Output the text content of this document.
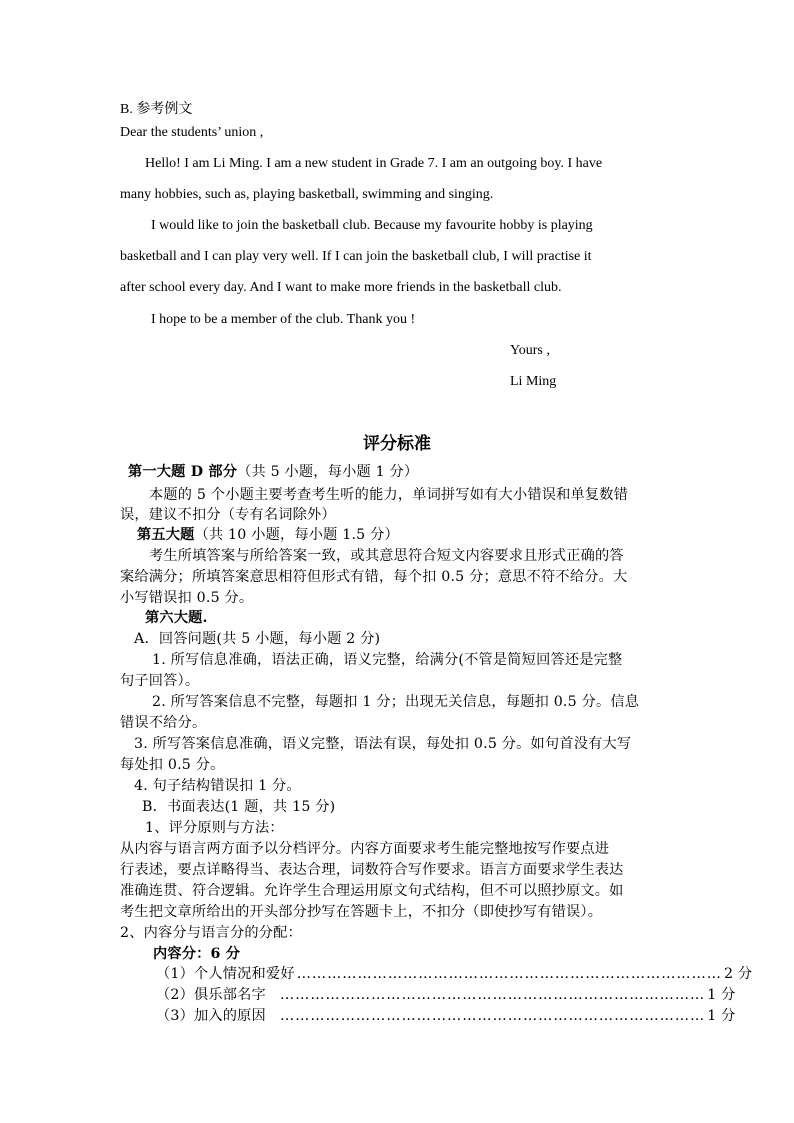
B. 参考例文
Dear the students’ union ,
Hello! I am Li Ming. I am a new student in Grade 7. I am an outgoing boy. I have
many hobbies, such as, playing basketball, swimming and singing.
I would like to join the basketball club. Because my favourite hobby is playing
basketball and I can play very well. If I can join the basketball club, I will practise it
after school every day. And I want to make more friends in the basketball club.
I hope to be a member of the club. Thank you !
Yours ,
Li Ming
评分标准
第一大题 D 部分（共 5 小题，每小题 1 分）
本题的 5 个小题主要考查考生听的能力，单词拼写如有大小错误和单复数错
误，建议不扣分（专有名词除外）
第五大题（共 10 小题，每小题 1.5 分）
考生所填答案与所给答案一致，或其意思符合短文内容要求且形式正确的答
案给满分；所填答案意思相符但形式有错，每个扣 0.5 分；意思不符不给分。大
小写错误扣 0.5 分。
第六大题.
A．回答问题(共 5 小题，每小题 2 分)
1. 所写信息准确，语法正确，语义完整，给满分(不管是简短回答还是完整
句子回答）。
2. 所写答案信息不完整，每题扣 1 分；出现无关信息，每题扣 0.5 分。信息
错误不给分。
3. 所写答案信息准确，语义完整，语法有误，每处扣 0.5 分。如句首没有大写
每处扣 0.5 分。
4. 句子结构错误扣 1 分。
B．书面表达(1 题，共 15 分)
1、评分原则与方法：
从内容与语言两方面予以分档评分。内容方面要求考生能完整地按写作要点进
行表述，要点详略得当、表达合理，词数符合写作要求。语言方面要求学生表达
准确连贯、符合逻辑。允许学生合理运用原文句式结构，但不可以照抄原文。如
考生把文章所给出的开头部分抄写在答题卡上，不扣分（即使抄写有错误）。
2、内容分与语言分的分配：
内容分：6 分
（1）个人情况和爱好 ………………………………………………………………………… 2 分
（2）俱乐部名字 ………………………………………………………………………… 1 分
（3）加入的原因 ………………………………………………………………………… 1 分
